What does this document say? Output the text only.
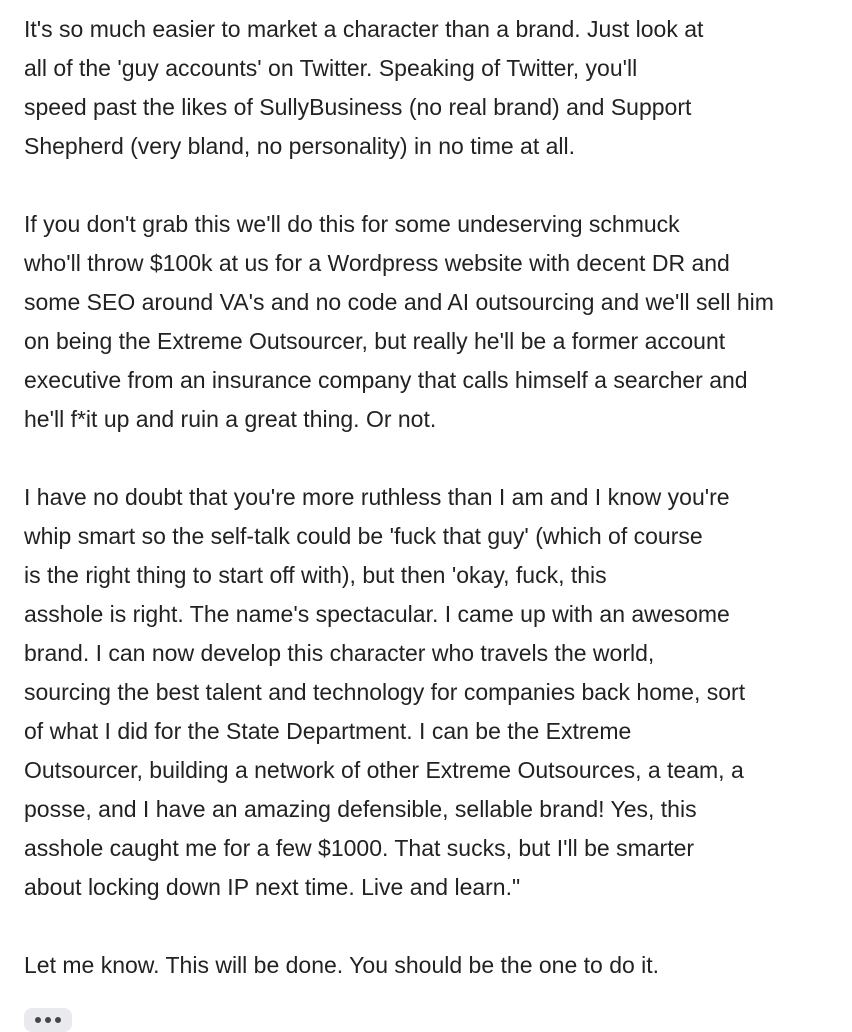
It's so much easier to market a character than a brand. Just look at
all of the 'guy accounts' on Twitter. Speaking of Twitter, you'll
speed past the likes of SullyBusiness (no real brand) and Support
Shepherd (very bland, no personality) in no time at all.

If you don't grab this we'll do this for some undeserving schmuck
who'll throw $100k at us for a Wordpress website with decent DR and
some SEO around VA's and no code and AI outsourcing and we'll sell him
on being the Extreme Outsourcer, but really he'll be a former account
executive from an insurance company that calls himself a searcher and
he'll f*it up and ruin a great thing. Or not.

I have no doubt that you're more ruthless than I am and I know you're
whip smart so the self-talk could be 'fuck that guy' (which of course
is the right thing to start off with), but then 'okay, fuck, this
asshole is right. The name's spectacular. I came up with an awesome
brand. I can now develop this character who travels the world,
sourcing the best talent and technology for companies back home, sort
of what I did for the State Department. I can be the Extreme
Outsourcer, building a network of other Extreme Outsources, a team, a
posse, and I have an amazing defensible, sellable brand! Yes, this
asshole caught me for a few $1000. That sucks, but I'll be smarter
about locking down IP next time. Live and learn."

Let me know. This will be done. You should be the one to do it.
